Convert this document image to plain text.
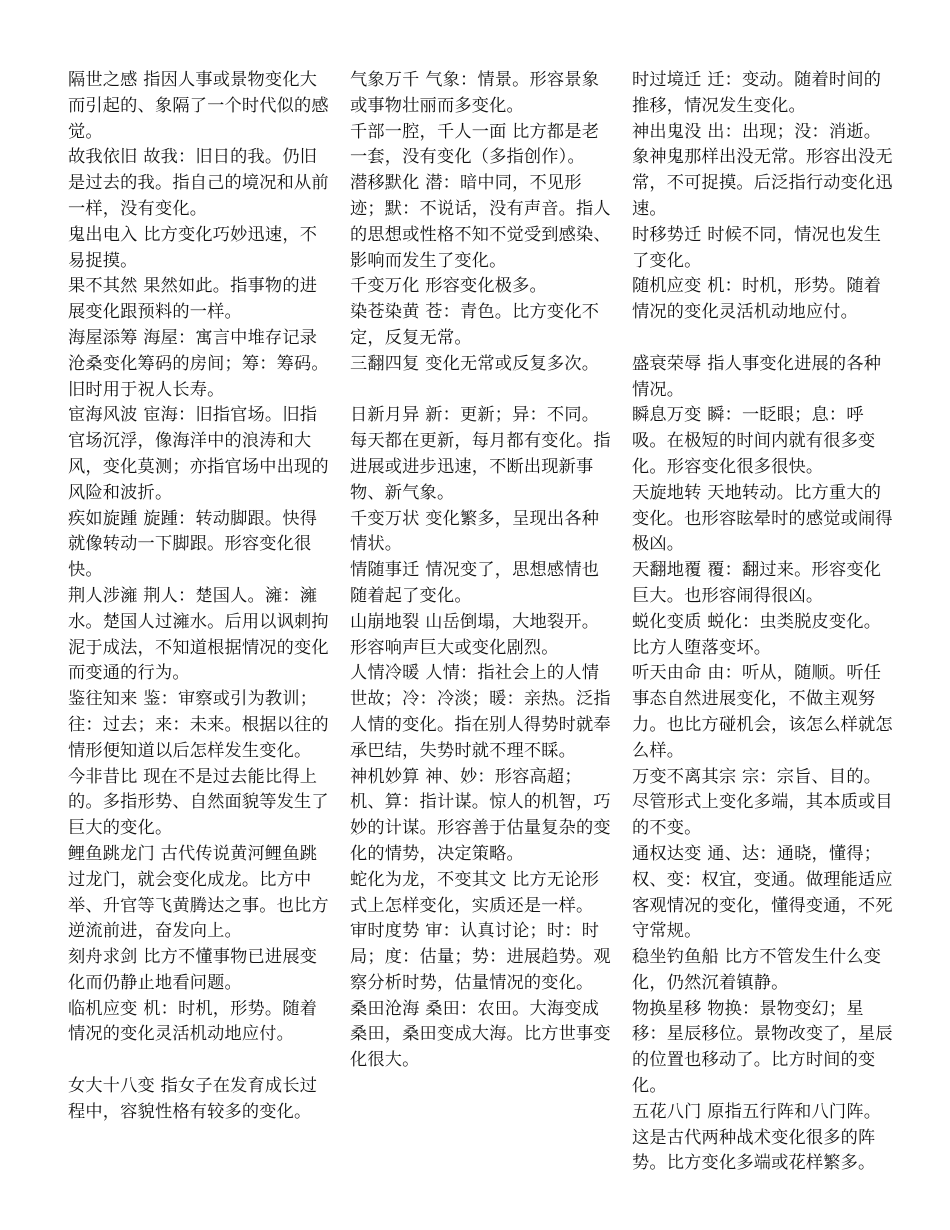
隔世之感 指因人事或景物变化大而引起的、象隔了一个时代似的感觉。

故我依旧 故我：旧日的我。仍旧是过去的我。指自己的境况和从前一样，没有变化。

鬼出电入 比方变化巧妙迅速，不易捉摸。

果不其然 果然如此。指事物的进展变化跟预料的一样。

海屋添筹 海屋：寓言中堆存记录沧桑变化筹码的房间；筹：筹码。旧时用于祝人长寿。

宦海风波 宦海：旧指官场。旧指官场沉浮，像海洋中的浪涛和大风，变化莫测；亦指官场中出现的风险和波折。

疾如旋踵 旋踵：转动脚跟。快得就像转动一下脚跟。形容变化很快。

荆人涉澭 荆人：楚国人。澭：澭水。楚国人过澭水。后用以讽刺拘泥于成法，不知道根据情况的变化而变通的行为。

鉴往知来 鉴：审察或引为教训；往：过去；来：未来。根据以往的情形便知道以后怎样发生变化。

今非昔比 现在不是过去能比得上的。多指形势、自然面貌等发生了巨大的变化。

鲤鱼跳龙门 古代传说黄河鲤鱼跳过龙门，就会变化成龙。比方中举、升官等飞黄腾达之事。也比方逆流前进，奋发向上。

刻舟求剑 比方不懂事物已进展变化而仍静止地看问题。

临机应变 机：时机，形势。随着情况的变化灵活机动地应付。

女大十八变 指女子在发育成长过程中，容貌性格有较多的变化。

气象万千 气象：情景。形容景象或事物壮丽而多变化。

千部一腔，千人一面 比方都是老一套，没有变化（多指创作）。

潜移默化 潜：暗中同，不见形迹；默：不说话，没有声音。指人的思想或性格不知不觉受到感染、影响而发生了变化。

千变万化 形容变化极多。

染苍染黄 苍：青色。比方变化不定，反复无常。

三翻四复 变化无常或反复多次。

日新月异 新：更新；异：不同。每天都在更新，每月都有变化。指进展或进步迅速，不断出现新事物、新气象。

千变万状 变化繁多，呈现出各种情状。

情随事迁 情况变了，思想感情也随着起了变化。

山崩地裂 山岳倒塌，大地裂开。形容响声巨大或变化剧烈。

人情冷暖 人情：指社会上的人情世故；冷：冷淡；暖：亲热。泛指人情的变化。指在别人得势时就奉承巴结，失势时就不理不睬。

神机妙算 神、妙：形容高超；机、算：指计谋。惊人的机智，巧妙的计谋。形容善于估量复杂的变化的情势，决定策略。

蛇化为龙，不变其文 比方无论形式上怎样变化，实质还是一样。

审时度势 审：认真讨论；时：时局；度：估量；势：进展趋势。观察分析时势，估量情况的变化。

桑田沧海 桑田：农田。大海变成桑田，桑田变成大海。比方世事变化很大。

时过境迁 迁：变动。随着时间的推移，情况发生变化。

神出鬼没 出：出现；没：消逝。象神鬼那样出没无常。形容出没无常，不可捉摸。后泛指行动变化迅速。

时移势迁 时候不同，情况也发生了变化。

随机应变 机：时机，形势。随着情况的变化灵活机动地应付。

盛衰荣辱 指人事变化进展的各种情况。

瞬息万变 瞬：一眨眼；息：呼吸。在极短的时间内就有很多变化。形容变化很多很快。

天旋地转 天地转动。比方重大的变化。也形容眩晕时的感觉或闹得极凶。

天翻地覆 覆：翻过来。形容变化巨大。也形容闹得很凶。

蜕化变质 蜕化：虫类脱皮变化。比方人堕落变坏。

听天由命 由：听从，随顺。听任事态自然进展变化，不做主观努力。也比方碰机会，该怎么样就怎么样。

万变不离其宗 宗：宗旨、目的。尽管形式上变化多端，其本质或目的不变。

通权达变 通、达：通晓，懂得；权、变：权宜，变通。做理能适应客观情况的变化，懂得变通，不死守常规。

稳坐钓鱼船 比方不管发生什么变化，仍然沉着镇静。

物换星移 物换：景物变幻；星移：星辰移位。景物改变了，星辰的位置也移动了。比方时间的变化。

五花八门 原指五行阵和八门阵。这是古代两种战术变化很多的阵势。比方变化多端或花样繁多。
